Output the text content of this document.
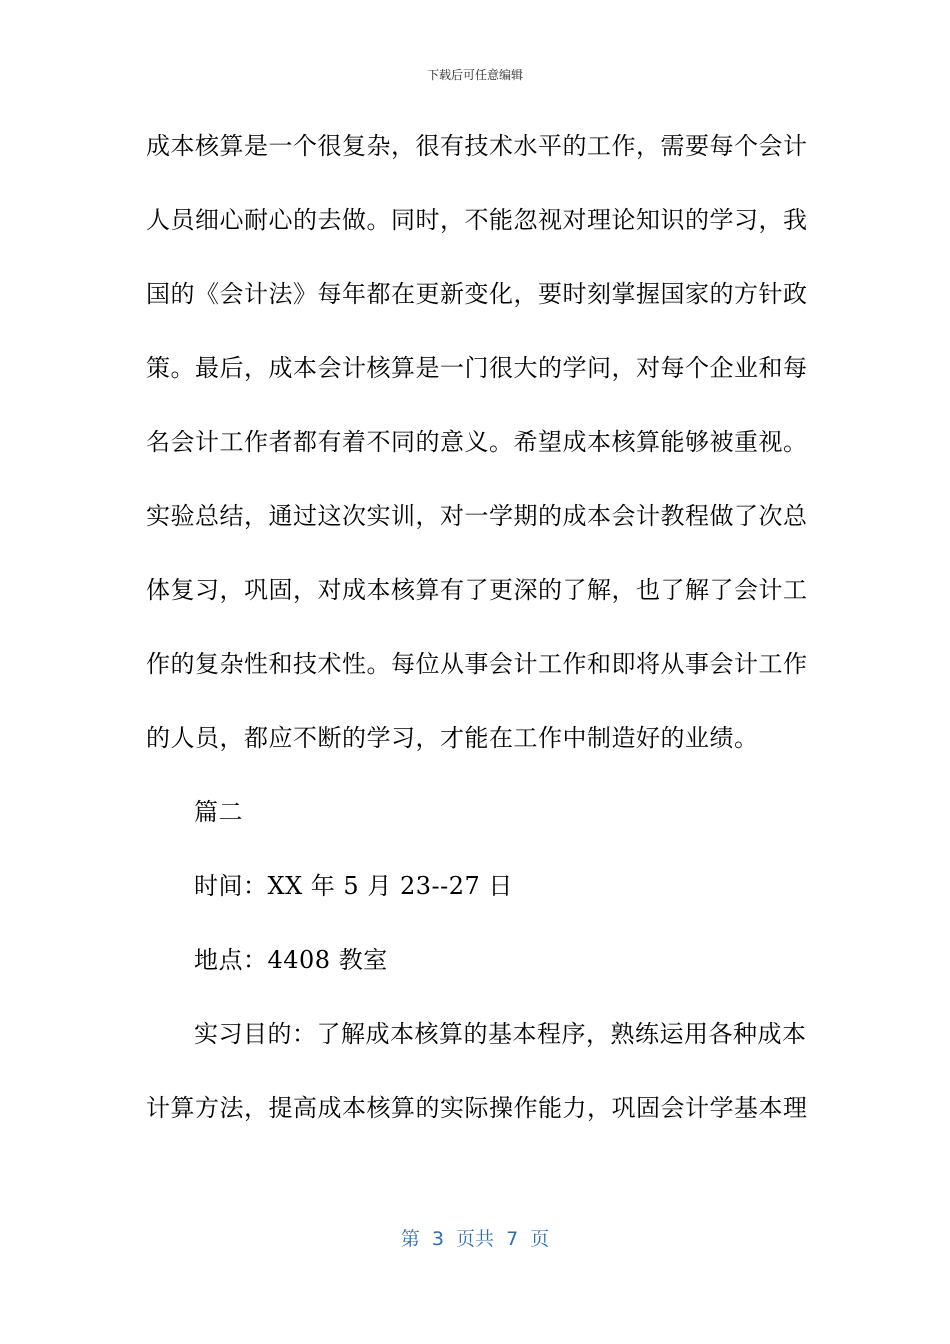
下载后可任意编辑
成本核算是一个很复杂，很有技术水平的工作，需要每个会计
人员细心耐心的去做。同时，不能忽视对理论知识的学习，我
国的《会计法》每年都在更新变化，要时刻掌握国家的方针政
策。最后，成本会计核算是一门很大的学问，对每个企业和每
名会计工作者都有着不同的意义。希望成本核算能够被重视。
实验总结，通过这次实训，对一学期的成本会计教程做了次总
体复习，巩固，对成本核算有了更深的了解，也了解了会计工
作的复杂性和技术性。每位从事会计工作和即将从事会计工作
的人员，都应不断的学习，才能在工作中制造好的业绩。
篇二
时间：XX 年 5 月 23--27 日
地点：4408 教室
实习目的：了解成本核算的基本程序，熟练运用各种成本
计算方法，提高成本核算的实际操作能力，巩固会计学基本理
第  3  页共  7  页
